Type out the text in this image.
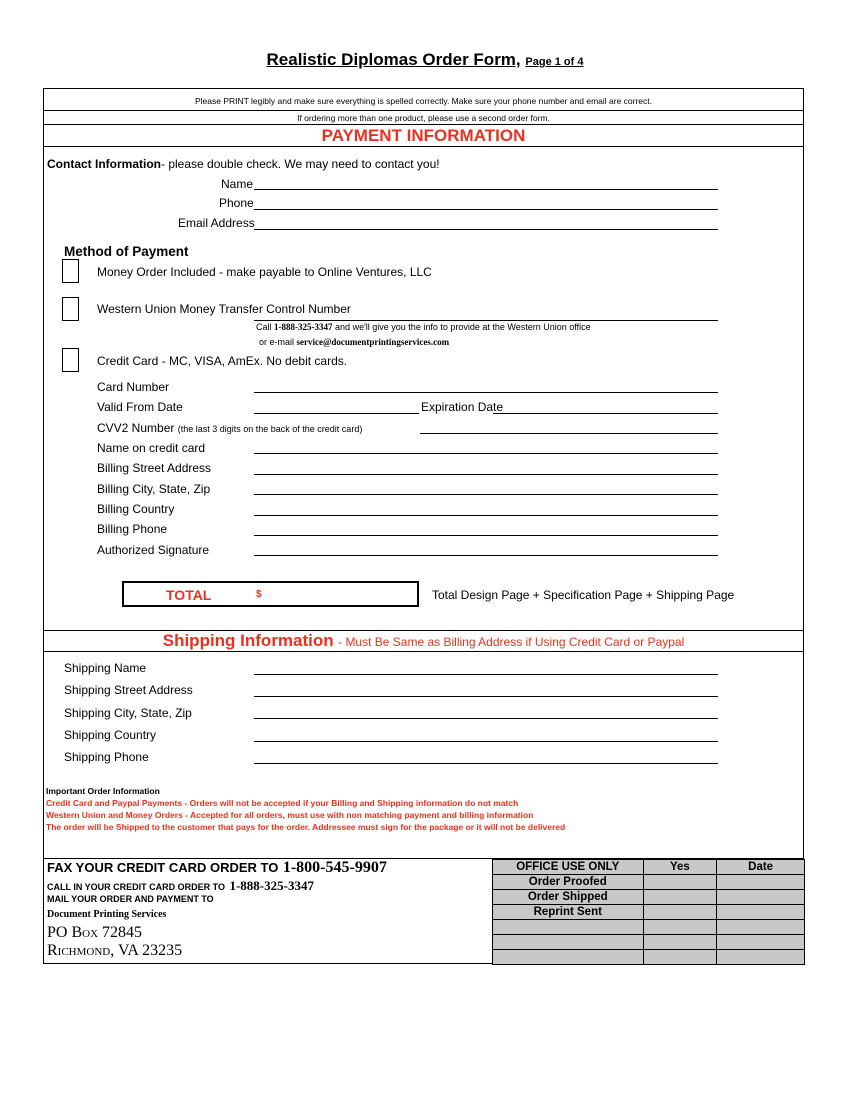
Realistic Diplomas Order Form, Page 1 of 4
Please PRINT legibly and make sure everything is spelled correctly. Make sure your phone number and email are correct.
If ordering more than one product, please use a second order form.
PAYMENT INFORMATION
Contact Information- please double check. We may need to contact you!
Name
Phone
Email Address
Method of Payment
Money Order Included - make payable to Online Ventures, LLC
Western Union Money Transfer Control Number
Call 1-888-325-3347 and we'll give you the info to provide at the Western Union office
or e-mail service@documentprintingservices.com
Credit Card - MC, VISA, AmEx. No debit cards.
Card Number
Valid From Date	Expiration Date
CVV2 Number (the last 3 digits on the back of the credit card)
Name on credit card
Billing Street Address
Billing City, State, Zip
Billing Country
Billing Phone
Authorized Signature
TOTAL	$	Total Design Page + Specification Page + Shipping Page
Shipping Information - Must Be Same as Billing Address if Using Credit Card or Paypal
Shipping Name
Shipping Street Address
Shipping City, State, Zip
Shipping Country
Shipping Phone
Important Order Information
Credit Card and Paypal Payments - Orders will not be accepted if your Billing and Shipping information do not match
Western Union and Money Orders - Accepted for all orders, must use with non matching payment and billing information
The order will be Shipped to the customer that pays for the order. Addressee must sign for the package or it will not be delivered
FAX YOUR CREDIT CARD ORDER TO 1-800-545-9907
CALL IN YOUR CREDIT CARD ORDER TO 1-888-325-3347
MAIL YOUR ORDER AND PAYMENT TO
Document Printing Services
PO Box 72845
Richmond, VA 23235
OFFICE USE ONLY	Yes	Date
Order Proofed		
Order Shipped		
Reprint Sent		
